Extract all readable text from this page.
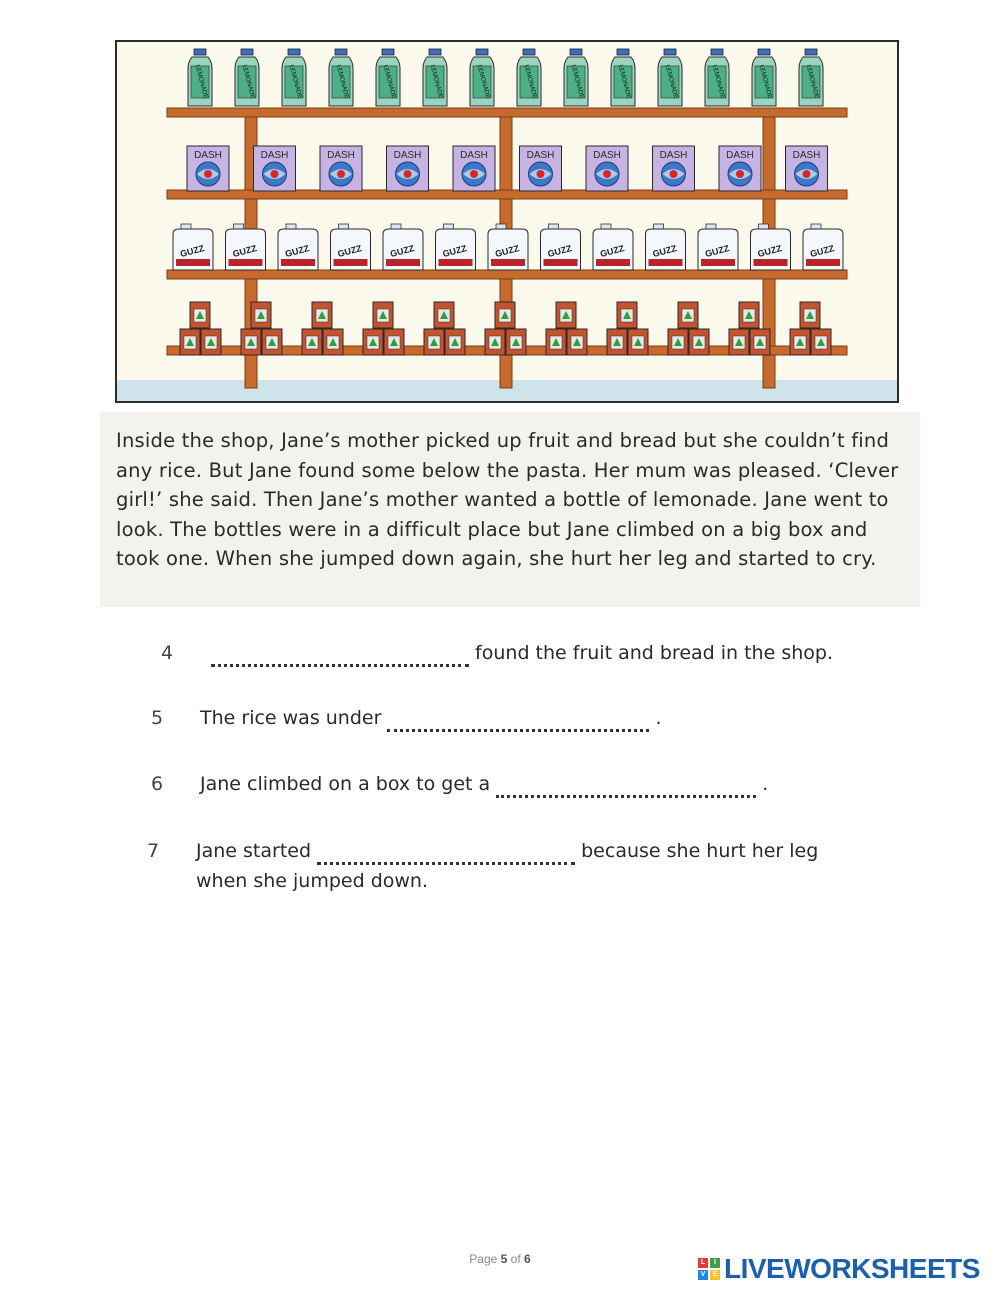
LEMONADE	LEMONADE	LEMONADE	LEMONADE	LEMONADE	LEMONADE	LEMONADE	LEMONADE	LEMONADE	LEMONADE	LEMONADE	LEMONADE	LEMONADE	LEMONADE
DASH	DASH	DASH	DASH	DASH	DASH	DASH	DASH	DASH	DASH
GUZZ	GUZZ	GUZZ	GUZZ	GUZZ	GUZZ	GUZZ	GUZZ	GUZZ	GUZZ	GUZZ	GUZZ	GUZZ

Inside the shop, Jane’s mother picked up fruit and bread but she couldn’t find any rice. But Jane found some below the pasta. Her mum was pleased. ‘Clever girl!’ she said. Then Jane’s mother wanted a bottle of lemonade. Jane went to look. The bottles were in a difficult place but Jane climbed on a big box and took one. When she jumped down again, she hurt her leg and started to cry.

4	found the fruit and bread in the shop.
5 The rice was under	.
6 Jane climbed on a box to get a	.
7 Jane started	because she hurt her leg
when she jumped down.
Page 5 of 6	L	I
V	E LIVEWORKSHEETS
